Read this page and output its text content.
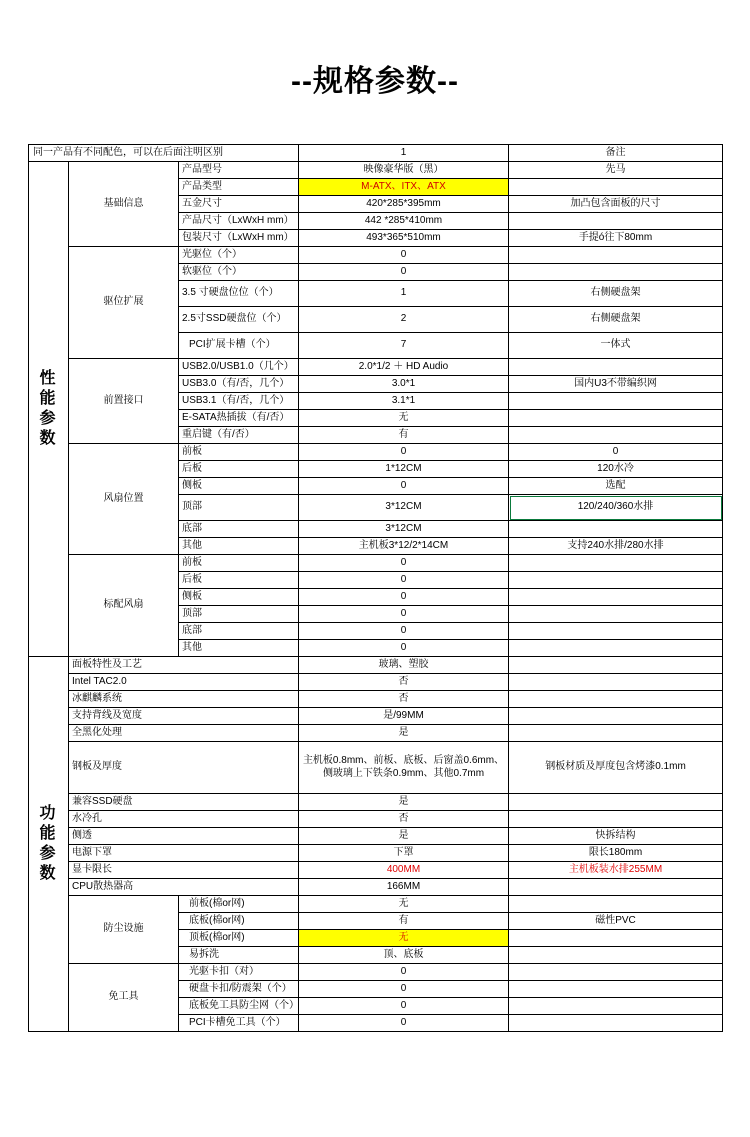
--规格参数--
同一产品有不同配色，可以在后面注明区别			1	备注
性能参数	基础信息	产品型号	映像豪华版（黑）	先马
		产品类型	M-ATX、ITX、ATX	
		五金尺寸	420*285*395mm	加凸包含面板的尺寸
		产品尺寸（LxWxH mm）	442 *285*410mm	
		包装尺寸（LxWxH mm）	493*365*510mm	手提ó往下80mm
	驱位扩展	光驱位（个）	0	
		软驱位（个）	0	
		3.5 寸硬盘位位（个）	1	右侧硬盘架
		2.5寸SSD硬盘位（个）	2	右侧硬盘架
		PCI扩展卡槽（个）	7	一体式
	前置接口	USB2.0/USB1.0（几个）	2.0*1/2 ＋ HD Audio	
		USB3.0（有/否，几个）	3.0*1	国内U3不带编织网
		USB3.1（有/否，几个）	3.1*1	
		E-SATA热插拔（有/否）	无	
		重启键（有/否）	有	
	风扇位置	前板	0	0
		后板	1*12CM	120水冷
		侧板	0	选配
		顶部	3*12CM	120/240/360水排
		底部	3*12CM	
		其他	主机板3*12/2*14CM	支持240水排/280水排
	标配风扇	前板	0	
		后板	0	
		侧板	0	
		顶部	0	
		底部	0	
		其他	0	
功能参数	面板特性及工艺		玻璃、塑胶	
	Intel TAC2.0		否	
	冰麒麟系统		否	
	支持背线及宽度		是/99MM	
	全黑化处理		是	
	钢板及厚度		主机板0.8mm、前板、底板、后窗盖0.6mm、侧玻璃上下铁条0.9mm、其他0.7mm	钢板材质及厚度包含烤漆0.1mm
	兼容SSD硬盘		是	
	水冷孔		否	
	侧透		是	快拆结构
	电源下罩		下罩	限长180mm
	显卡限长		400MM	主机板装水排255MM
	CPU散热器高		166MM	
	防尘设施	前板(棉or网)	无	
		底板(棉or网)	有	磁性PVC
		顶板(棉or网)	无	
		易拆洗	顶、底板	
	免工具	光驱卡扣（对）	0	
		硬盘卡扣/防震架（个）	0	
		底板免工具防尘网（个）	0	
		PCI卡槽免工具（个）	0	
